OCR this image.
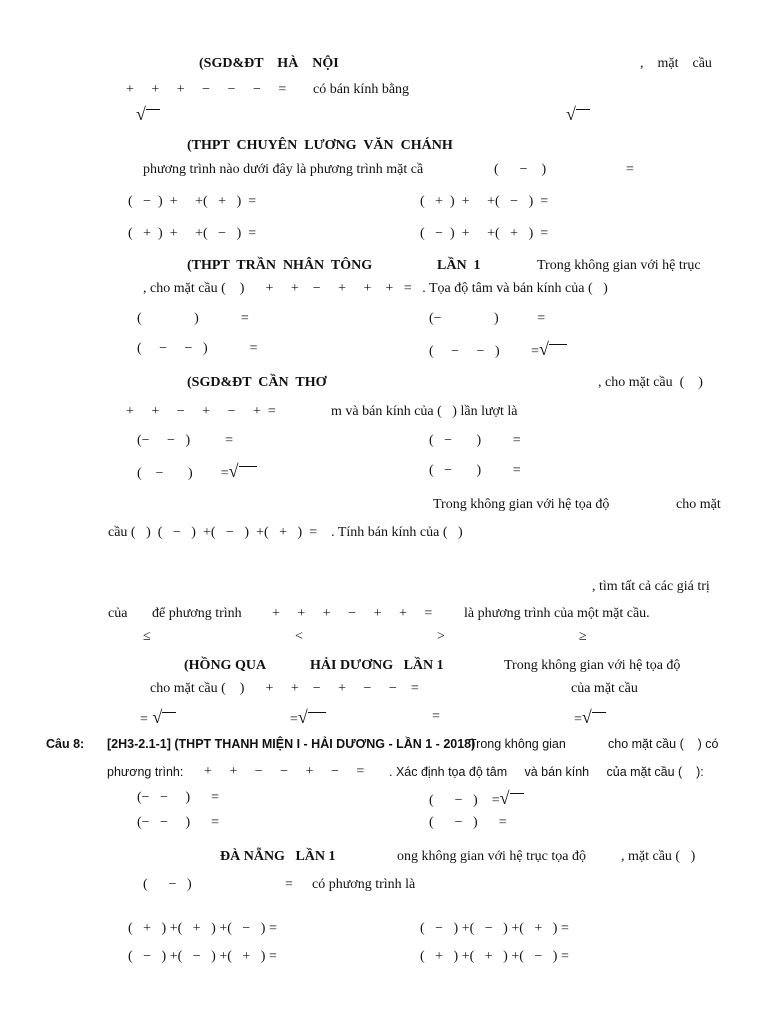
(SGD&ĐT    HÀ    NỘI	,    mặt    cầu
+     +     +     −     −     −     = có bán kính bằng
√	√
(THPT  CHUYÊN  LƯƠNG  VĂN  CHÁNH
phương trình nào dưới đây là phương trình mặt cầ	(      −    )	=
(   −  )  +     +(   +   )  =	(   +  )  +     +(   −   )  =
(   +  )  +     +(   −   )  =	(   −  )  +     +(   +   )  =
(THPT  TRẦN  NHÂN  TÔNG	LẦN  1	Trong không gian với hệ trục
, cho mặt cầu (    )      +     +    −     +     +    +   =   . Tọa độ tâm và bán kính của (   )
(               )            =	(−               )           =
(     −     −   )            =	(     −     −   )         =√
(SGD&ĐT  CẦN  THƠ	, cho mặt cầu  (    )
+     +     −     +     −     +  =	m và bán kính của (   ) lần lượt là
(−     −   )          =	(   −       )         =
(    −       )        =√	(   −       )         =
Trong không gian với hệ tọa độ	cho mặt
cầu (   )  (   −   )  +(   −   )  +(   +   )  =    . Tính bán kính của (   )
, tìm tất cả các giá trị
của để phương trình +     +     +     −     +     +     = là phương trình của một mặt cầu.
≤	<	>	≥
(HỒNG QUA	HẢI DƯƠNG   LẦN 1	Trong không gian với hệ tọa độ
cho mặt cầu (    )      +     +    −     +     −     −    =	của mặt cầu
= √	=√	=	=√
Câu 8: [2H3-2.1-1] (THPT THANH MIỆN I - HẢI DƯƠNG - LẦN 1 - 2018)
Trong không gian	cho mặt cầu (    ) có
phương trình: +     +     −     −     +     −     = . Xác định tọa độ tâm     và bán kính     của mặt cầu (    ):
(−   −     )      =	(      −   )    =√
(−   −     )      =	(      −   )      =
ĐÀ NẴNG   LẦN 1	ong không gian với hệ trục tọa độ	, mặt cầu (   )
(      −   )	= có phương trình là
(   +   ) +(   +   ) +(   −   ) =	(   −   ) +(   −   ) +(   +   ) =
(   −   ) +(   −   ) +(   +   ) =	(   +   ) +(   +   ) +(   −   ) =
